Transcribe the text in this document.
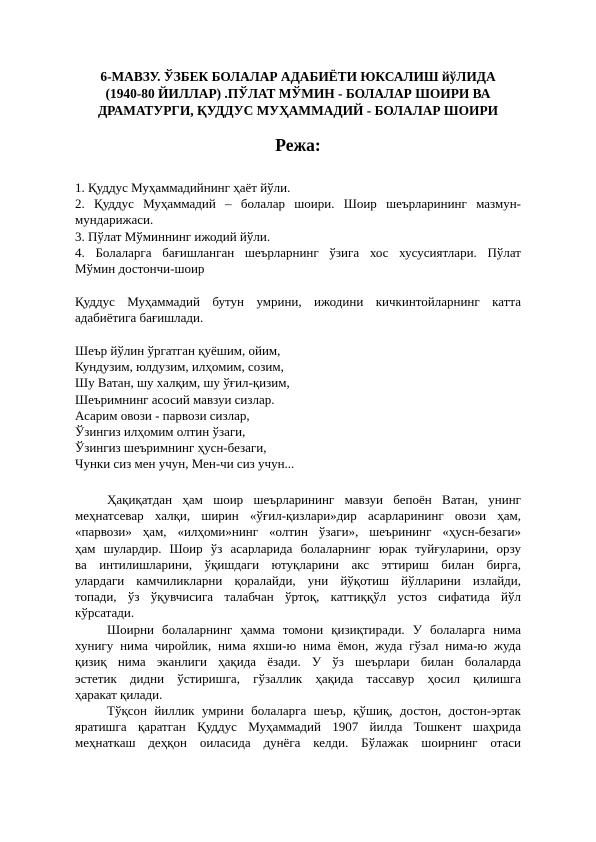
6-МАВЗУ. ЎЗБЕК БОЛАЛАР АДАБИЁТИ ЮКСАЛИШ йўЛИДА
(1940-80 ЙИЛЛАР) .ПЎЛАТ МЎМИН - БОЛАЛАР ШОИРИ ВА
ДРАМАТУРГИ, ҚУДДУС МУҲАММАДИЙ - БОЛАЛАР ШОИРИ
Режа:
1. Қуддус Муҳаммадийнинг ҳаёт йўли.
2. Қуддус Муҳаммадий – болалар шоири. Шоир шеърларининг мазмун-
мундарижаси.
3. Пўлат Мўминнинг ижодий йўли.
4. Болаларга бағишланган шеърларнинг ўзига хос хусусиятлари. Пўлат
Мўмин достончи-шоир
Қуддус Муҳаммадий бутун умрини, ижодини кичкинтойларнинг катта
адабиётига бағишлади.
Шеър йўлин ўргатган қуёшим, ойим,
Кундузим, юлдузим, илҳомим, созим,
Шу Ватан, шу халқим, шу ўғил-қизим,
Шеъримнинг асосий мавзуи сизлар.
Асарим овози - парвози сизлар,
Ўзингиз илҳомим олтин ўзаги,
Ўзингиз шеъримнинг ҳусн-безаги,
Чунки сиз мен учун, Мен-чи сиз учун...
Ҳақиқатдан ҳам шоир шеърларининг мавзуи бепоён Ватан, унинг
меҳнатсевар халқи, ширин «ўғил-қизлари»дир асарларининг овози ҳам,
«парвози» ҳам, «илҳоми»нинг «олтин ўзаги», шеърининг «ҳусн-безаги»
ҳам шулардир. Шоир ўз асарларида болаларнинг юрак туйғуларини, орзу
ва интилишларини, ўқишдаги ютуқларини акс эттириш билан бирга,
улардаги камчиликларни қоралайди, уни йўқотиш йўлларини излайди,
топади, ўз ўқувчисига талабчан ўртоқ, каттиққўл устоз сифатида йўл
кўрсатади.
Шоирни болаларнинг ҳамма томони қизиқтиради. У болаларга нима
хунигу нима чиройлик, нима яхши-ю нима ёмон, жуда гўзал нима-ю жуда
қизиқ нима эканлиги ҳақида ёзади. У ўз шеърлари билан болаларда
эстетик дидни ўстиришга, гўзаллик ҳақида тассавур ҳосил қилишга
ҳаракат қилади.
Тўқсон йиллик умрини болаларга шеър, қўшиқ, достон, достон-эртак
яратишга қаратган Қуддус Муҳаммадий 1907 йилда Тошкент шаҳрида
меҳнаткаш деҳқон оиласида дунёга келди. Бўлажак шоирнинг отаси
